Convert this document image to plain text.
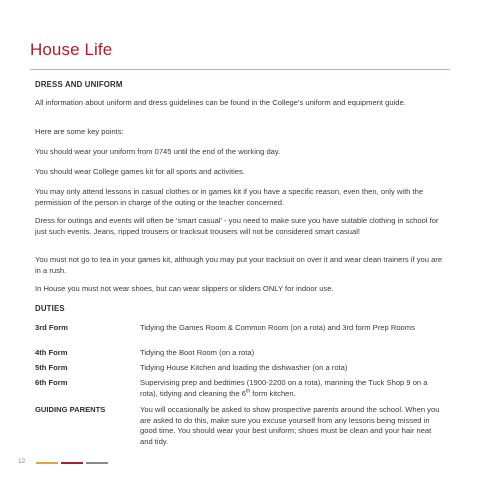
House Life
DRESS AND UNIFORM
All information about uniform and dress guidelines can be found in the College's uniform and equipment guide.
Here are some key points:
You should wear your uniform from 0745 until the end of the working day.
You should wear College games kit for all sports and activities.
You may only attend lessons in casual clothes or in games kit if you have a specific reason, even then, only with the permission of the person in charge of the outing or the teacher concerned.
Dress for outings and events will often be 'smart casual' - you need to make sure you have suitable clothing in school for just such events. Jeans, ripped trousers or tracksuit trousers will not be considered smart casual!
You must not go to tea in your games kit, although you may put your tracksuit on over it and wear clean trainers if you are in a rush.
In House you must not wear shoes, but can wear slippers or sliders ONLY for indoor use.
DUTIES
3rd Form	Tidying the Games Room & Common Room (on a rota) and 3rd form Prep Rooms
4th Form	Tidying the Boot Room (on a rota)
5th Form	Tidying House Kitchen and loading the dishwasher (on a rota)
6th Form	Supervising prep and bedtimes (1900-2200 on a rota), manning the Tuck Shop 9 on a rota), tidying and cleaning the 6th form kitchen.
GUIDING PARENTS	You will occasionally be asked to show prospective parents around the school. When you are asked to do this, make sure you excuse yourself from any lessons being missed in good time. You should wear your best uniform; shoes must be clean and your hair neat and tidy.
12
